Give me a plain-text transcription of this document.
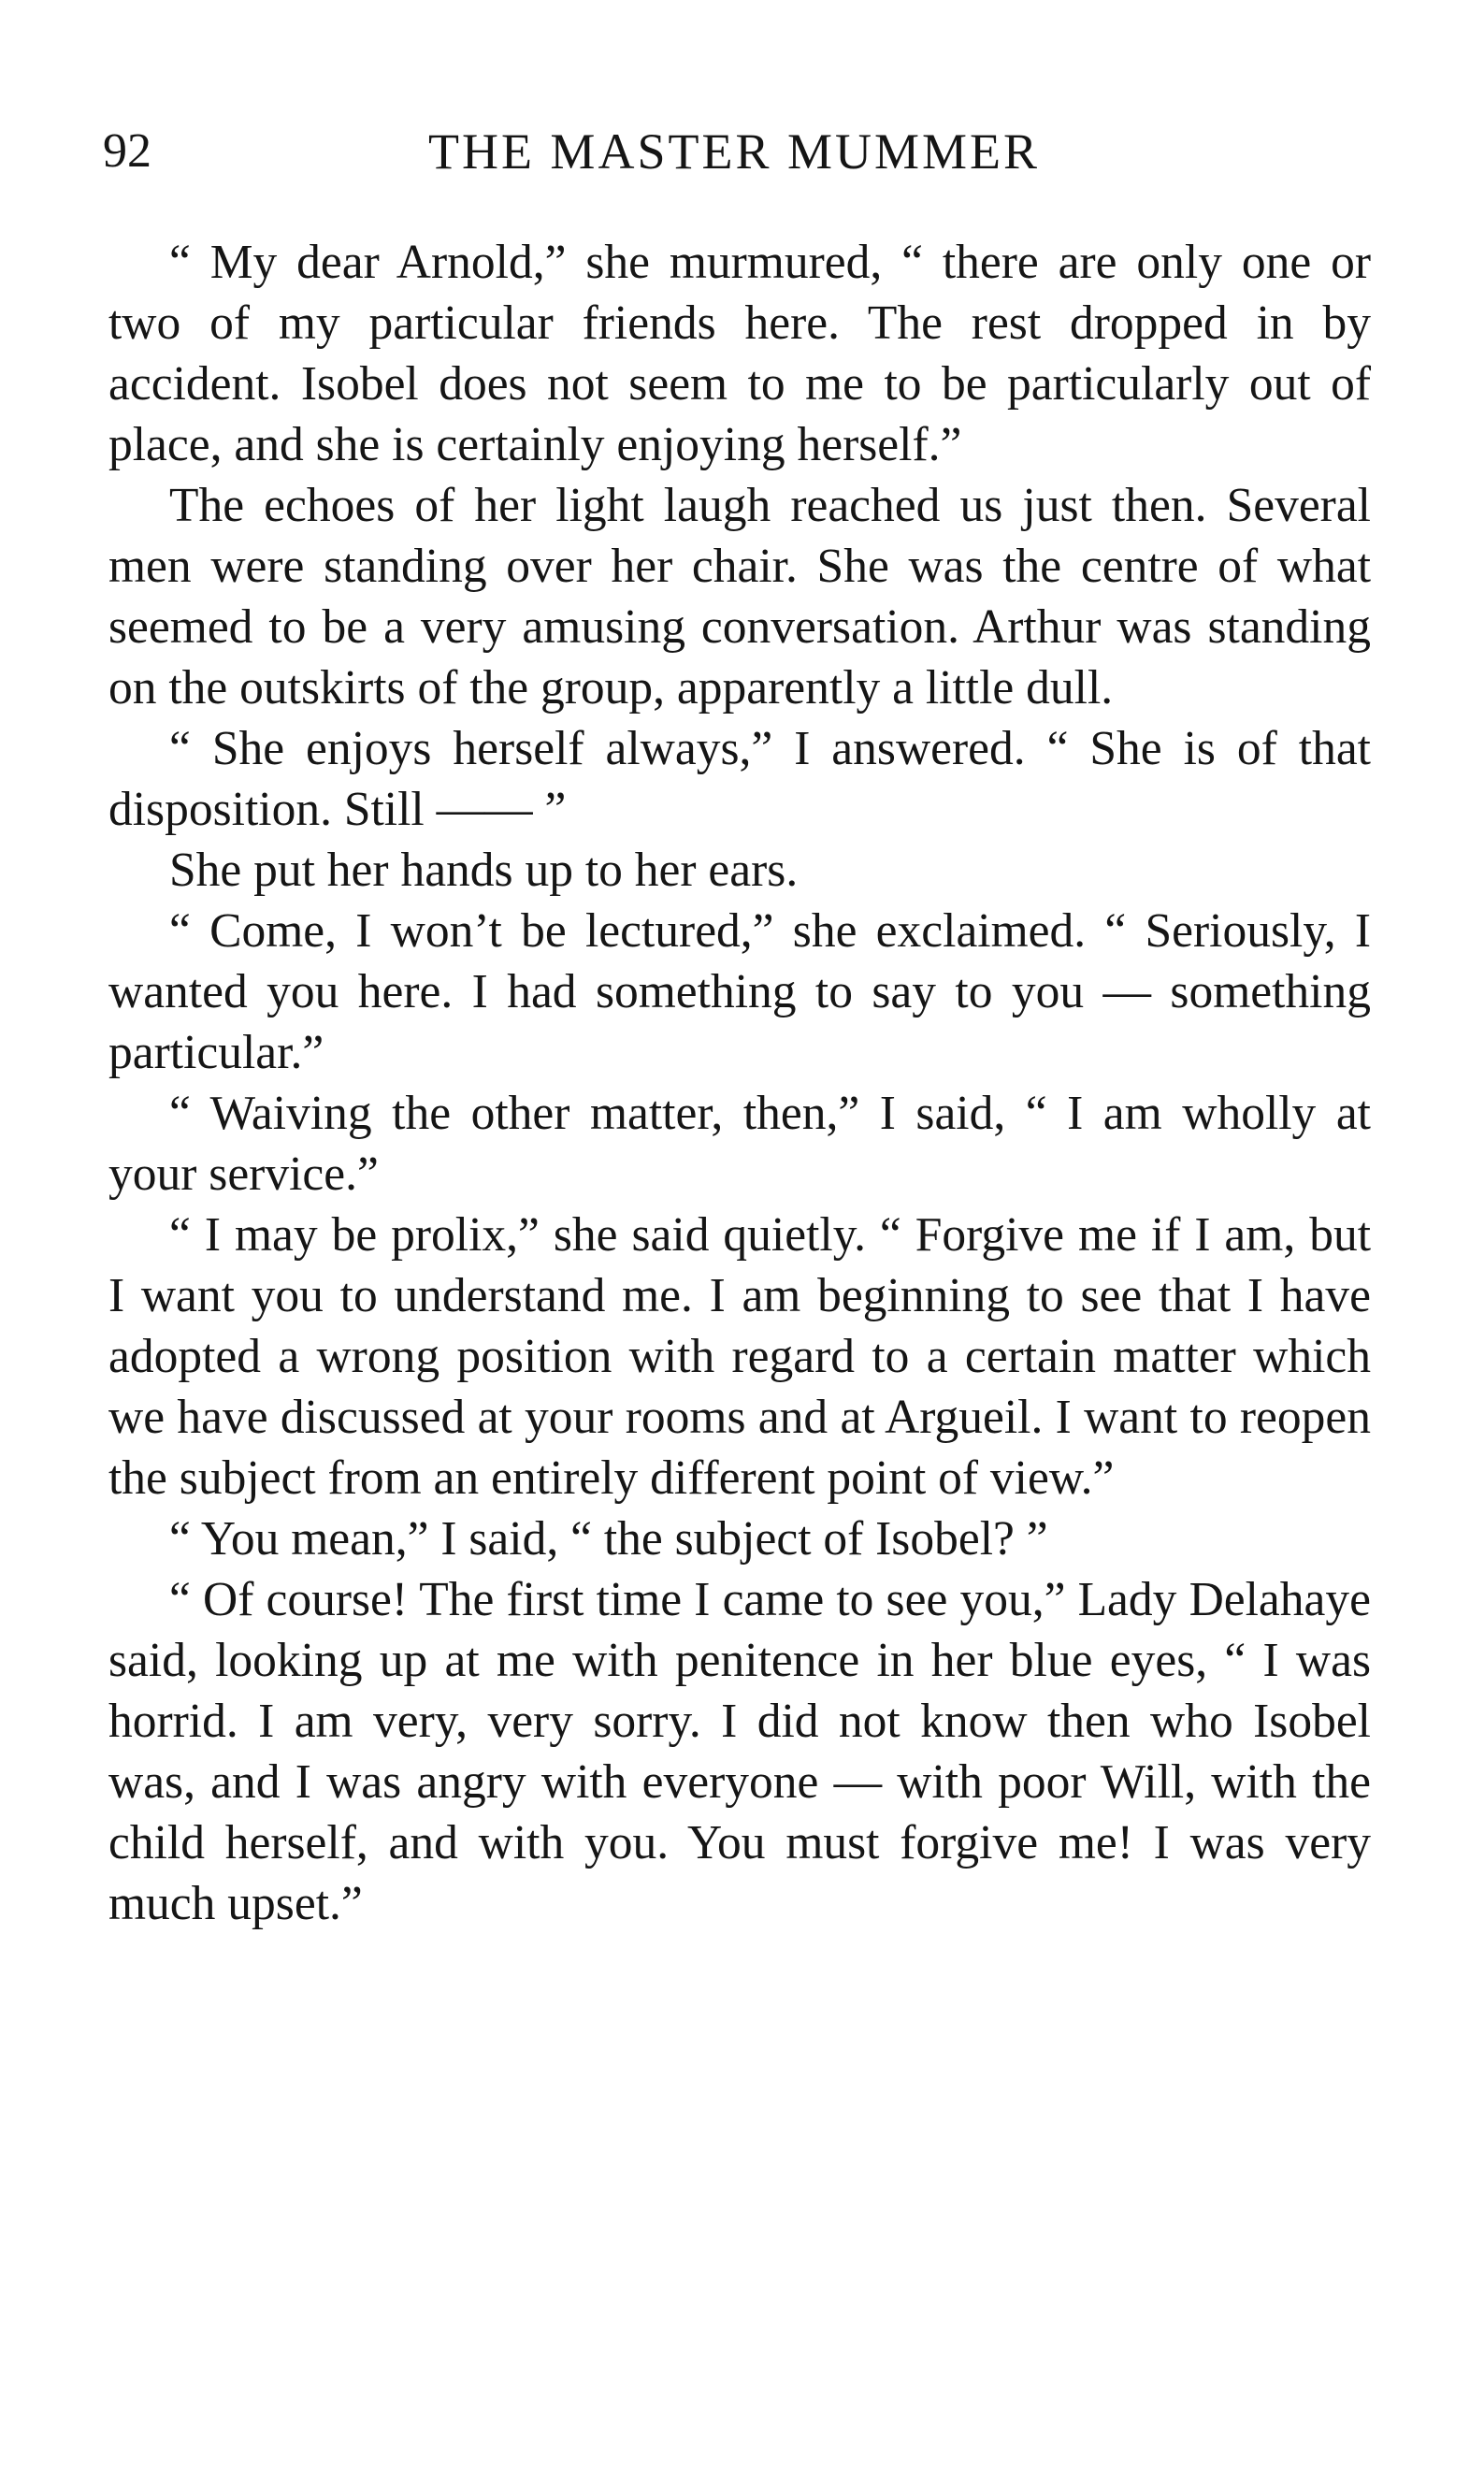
92	THE MASTER MUMMER

“ My dear Arnold,” she murmured, “ there are only one or two of my particular friends here. The rest dropped in by accident. Isobel does not seem to me to be particularly out of place, and she is certainly enjoying herself.”

The echoes of her light laugh reached us just then. Several men were standing over her chair. She was the centre of what seemed to be a very amusing conversation. Arthur was standing on the outskirts of the group, apparently a little dull.

“ She enjoys herself always,” I answered. “ She is of that disposition. Still —— ”

She put her hands up to her ears.

“ Come, I won’t be lectured,” she exclaimed. “ Seriously, I wanted you here. I had something to say to you — something particular.”

“ Waiving the other matter, then,” I said, “ I am wholly at your service.”

“ I may be prolix,” she said quietly. “ Forgive me if I am, but I want you to understand me. I am beginning to see that I have adopted a wrong position with regard to a certain matter which we have discussed at your rooms and at Argueil. I want to reopen the subject from an entirely different point of view.”

“ You mean,” I said, “ the subject of Isobel? ”

“ Of course! The first time I came to see you,” Lady Delahaye said, looking up at me with penitence in her blue eyes, “ I was horrid. I am very, very sorry. I did not know then who Isobel was, and I was angry with everyone — with poor Will, with the child herself, and with you. You must forgive me! I was very much upset.”
